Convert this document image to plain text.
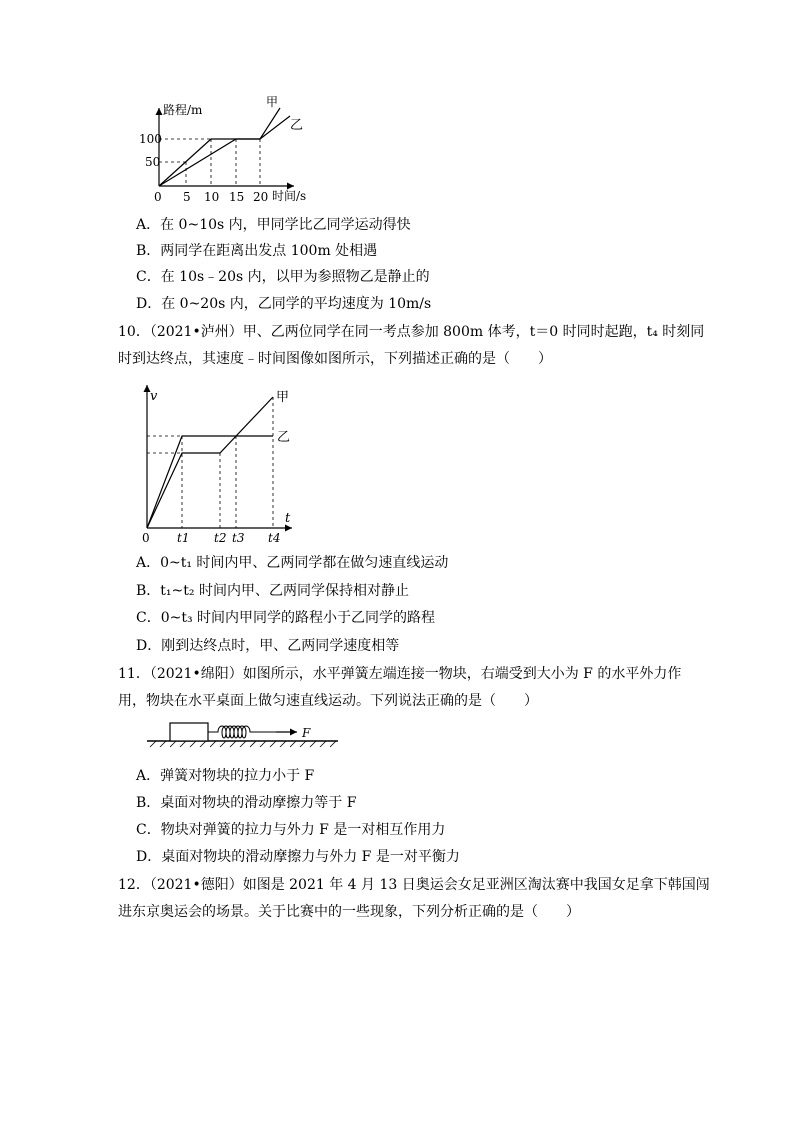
路程/m
时间/s
0
100
50
5 10 15 20
甲
乙
A．在 0~10s 内，甲同学比乙同学运动得快
B．两同学在距离出发点 100m 处相遇
C．在 10s﹣20s 内，以甲为参照物乙是静止的
D．在 0~20s 内，乙同学的平均速度为 10m/s
10．（2021•泸州）甲、乙两位同学在同一考点参加 800m 体考，t＝0 时同时起跑，t₄ 时刻同
时到达终点，其速度﹣时间图像如图所示，下列描述正确的是（　　）
v
t
0 t1 t2 t3 t4
甲
乙
A．0~t₁ 时间内甲、乙两同学都在做匀速直线运动
B．t₁~t₂ 时间内甲、乙两同学保持相对静止
C．0~t₃ 时间内甲同学的路程小于乙同学的路程
D．刚到达终点时，甲、乙两同学速度相等
11．（2021•绵阳）如图所示，水平弹簧左端连接一物块，右端受到大小为 F 的水平外力作
用，物块在水平桌面上做匀速直线运动。下列说法正确的是（　　）
F
A．弹簧对物块的拉力小于 F
B．桌面对物块的滑动摩擦力等于 F
C．物块对弹簧的拉力与外力 F 是一对相互作用力
D．桌面对物块的滑动摩擦力与外力 F 是一对平衡力
12．（2021•德阳）如图是 2021 年 4 月 13 日奥运会女足亚洲区淘汰赛中我国女足拿下韩国闯
进东京奥运会的场景。关于比赛中的一些现象，下列分析正确的是（　　）
